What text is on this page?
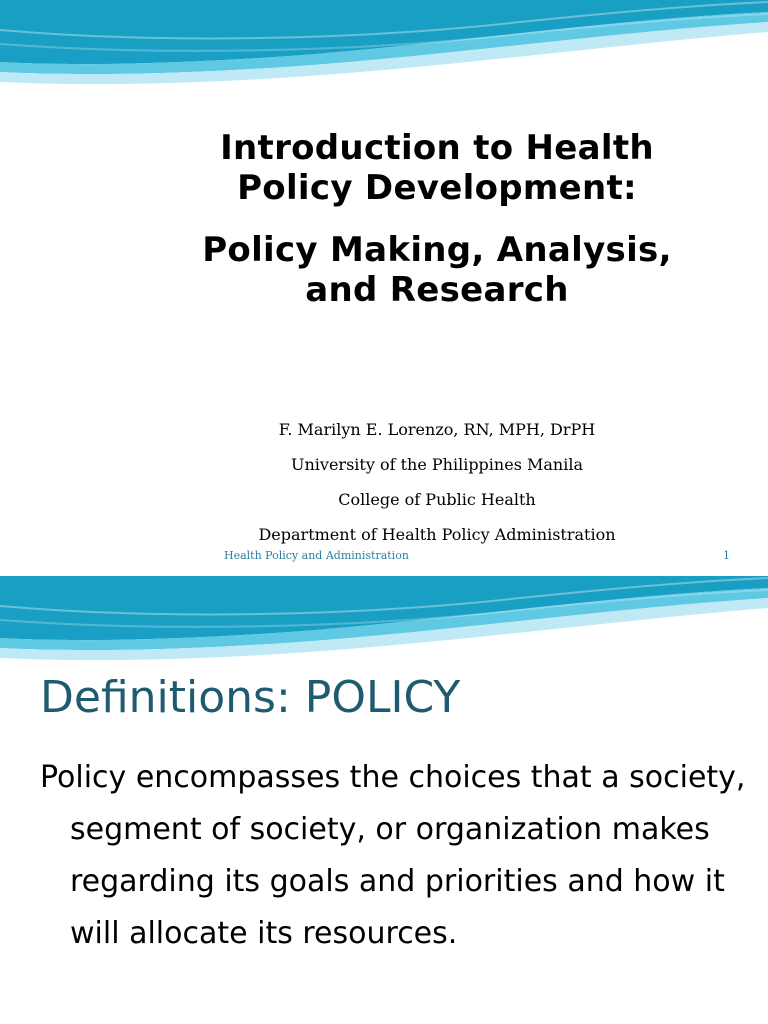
Introduction to Health
Policy Development:
Policy Making, Analysis,
and Research
F. Marilyn E. Lorenzo, RN, MPH, DrPH
University of the Philippines Manila
College of Public Health
Department of Health Policy Administration
Health Policy and Administration	1
Definitions: POLICY

Policy encompasses the choices that a society, segment of society, or organization makes regarding its goals and priorities and how it will allocate its resources.
